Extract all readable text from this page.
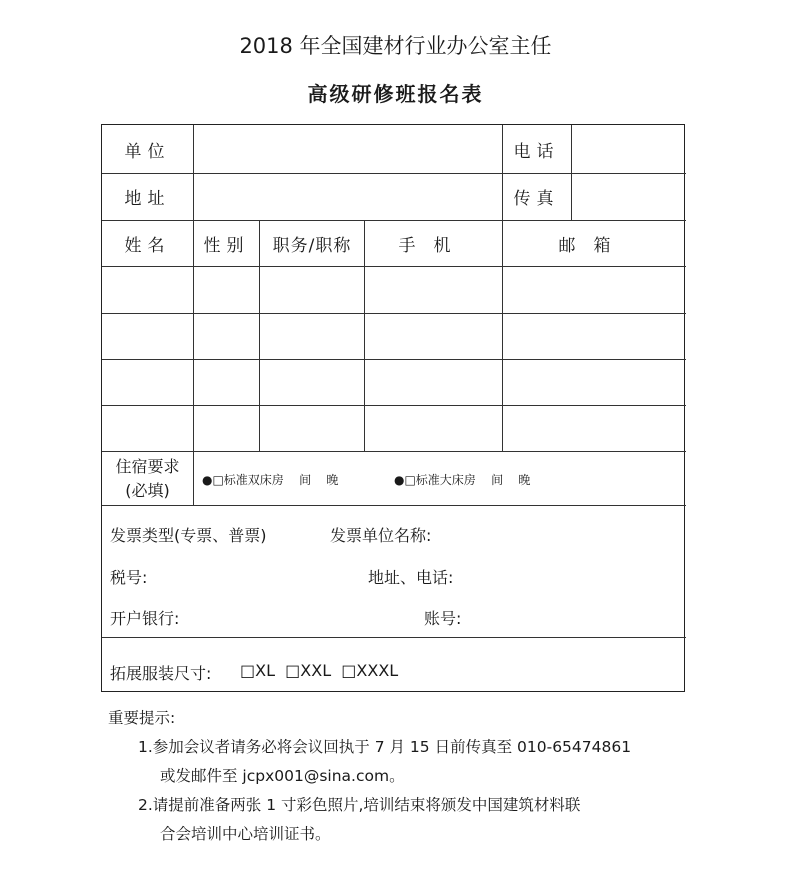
2018 年全国建材行业办公室主任
高级研修班报名表
单位	电话
地址	传真
姓名	性别	职务/职称	手机	邮箱
住宿要求
(必填)
●□标准双床房    间    晚	●□标准大床房    间    晚
发票类型(专票、普票)	发票单位名称:
税号:	地址、电话:
开户银行:	账号:
拓展服装尺寸: □XL  □XXL  □XXXL
重要提示:
1.参加会议者请务必将会议回执于 7 月 15 日前传真至 010-65474861
或发邮件至 jcpx001@sina.com。
2.请提前准备两张 1 寸彩色照片,培训结束将颁发中国建筑材料联
合会培训中心培训证书。
